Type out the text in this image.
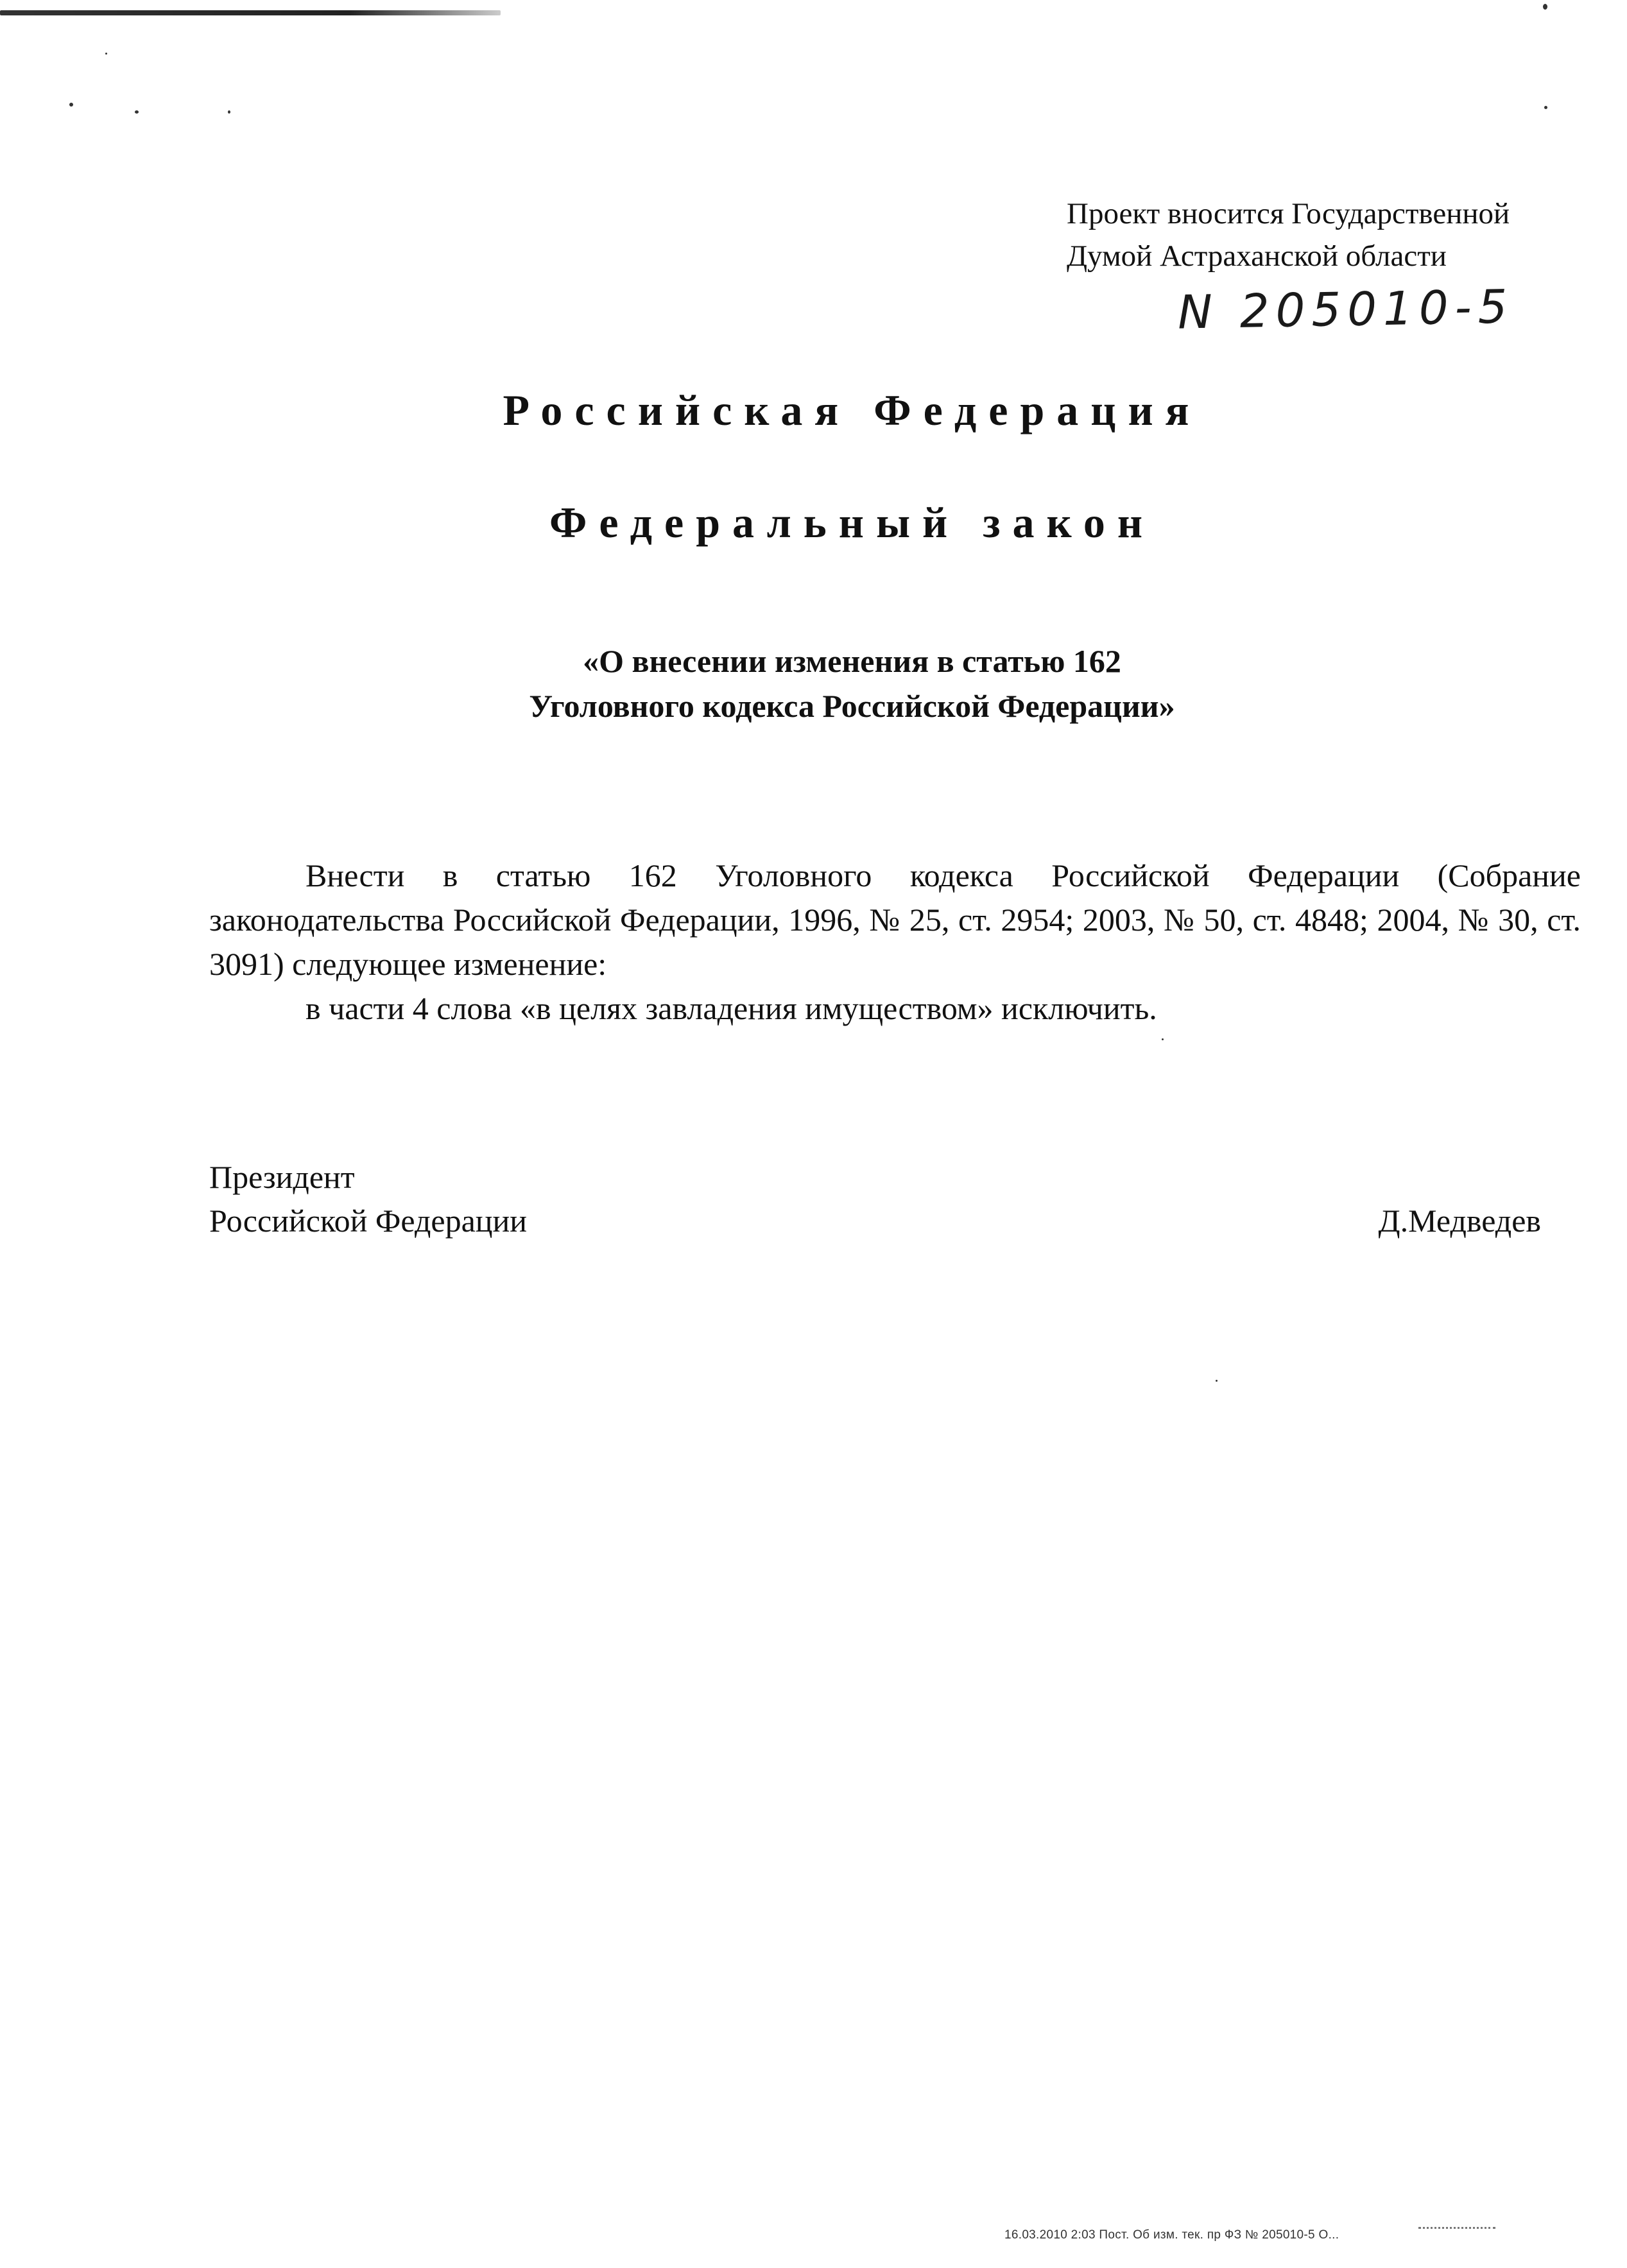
Проект вносится Государственной
Думой Астраханской области
N 205010-5
Российская Федерация
Федеральный закон
«О внесении изменения в статью 162
Уголовного кодекса Российской Федерации»
Внести в статью 162 Уголовного кодекса Российской Федерации (Собрание законодательства Российской Федерации, 1996, № 25, ст. 2954; 2003, № 50, ст. 4848; 2004, № 30, ст. 3091) следующее изменение:
в части 4 слова «в целях завладения имуществом» исключить.
Президент
Российской Федерации	Д.Медведев
16.03.2010 2:03 Пост. Об изм. тек. пр ФЗ № 205010-5 О...
